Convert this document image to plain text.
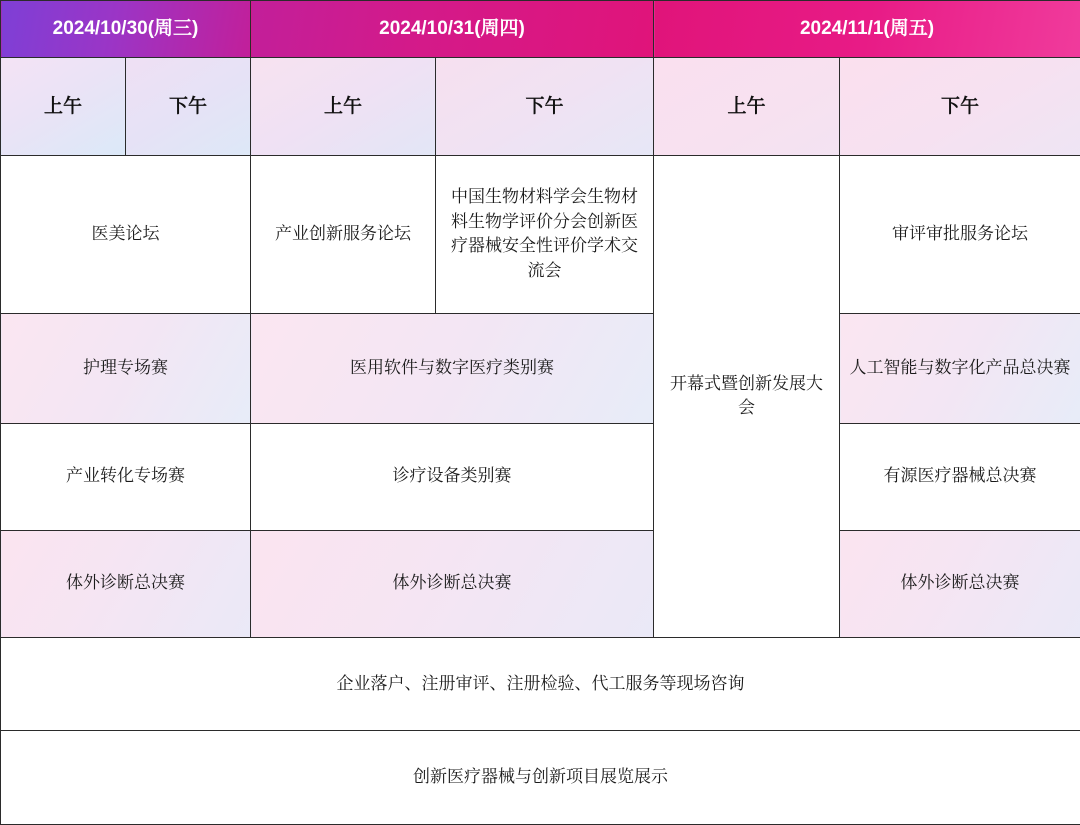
2024/10/30(周三)		2024/10/31(周四)		2024/11/1(周五)	
上午	下午	上午	下午	上午	下午
医美论坛		产业创新服务论坛	中国生物材料学会生物材料生物学评价分会创新医疗器械安全性评价学术交流会	开幕式暨创新发展大会	审评审批服务论坛
护理专场赛		医用软件与数字医疗类别赛			人工智能与数字化产品总决赛
产业转化专场赛		诊疗设备类别赛			有源医疗器械总决赛
体外诊断总决赛		体外诊断总决赛			体外诊断总决赛
企业落户、注册审评、注册检验、代工服务等现场咨询					
创新医疗器械与创新项目展览展示					
